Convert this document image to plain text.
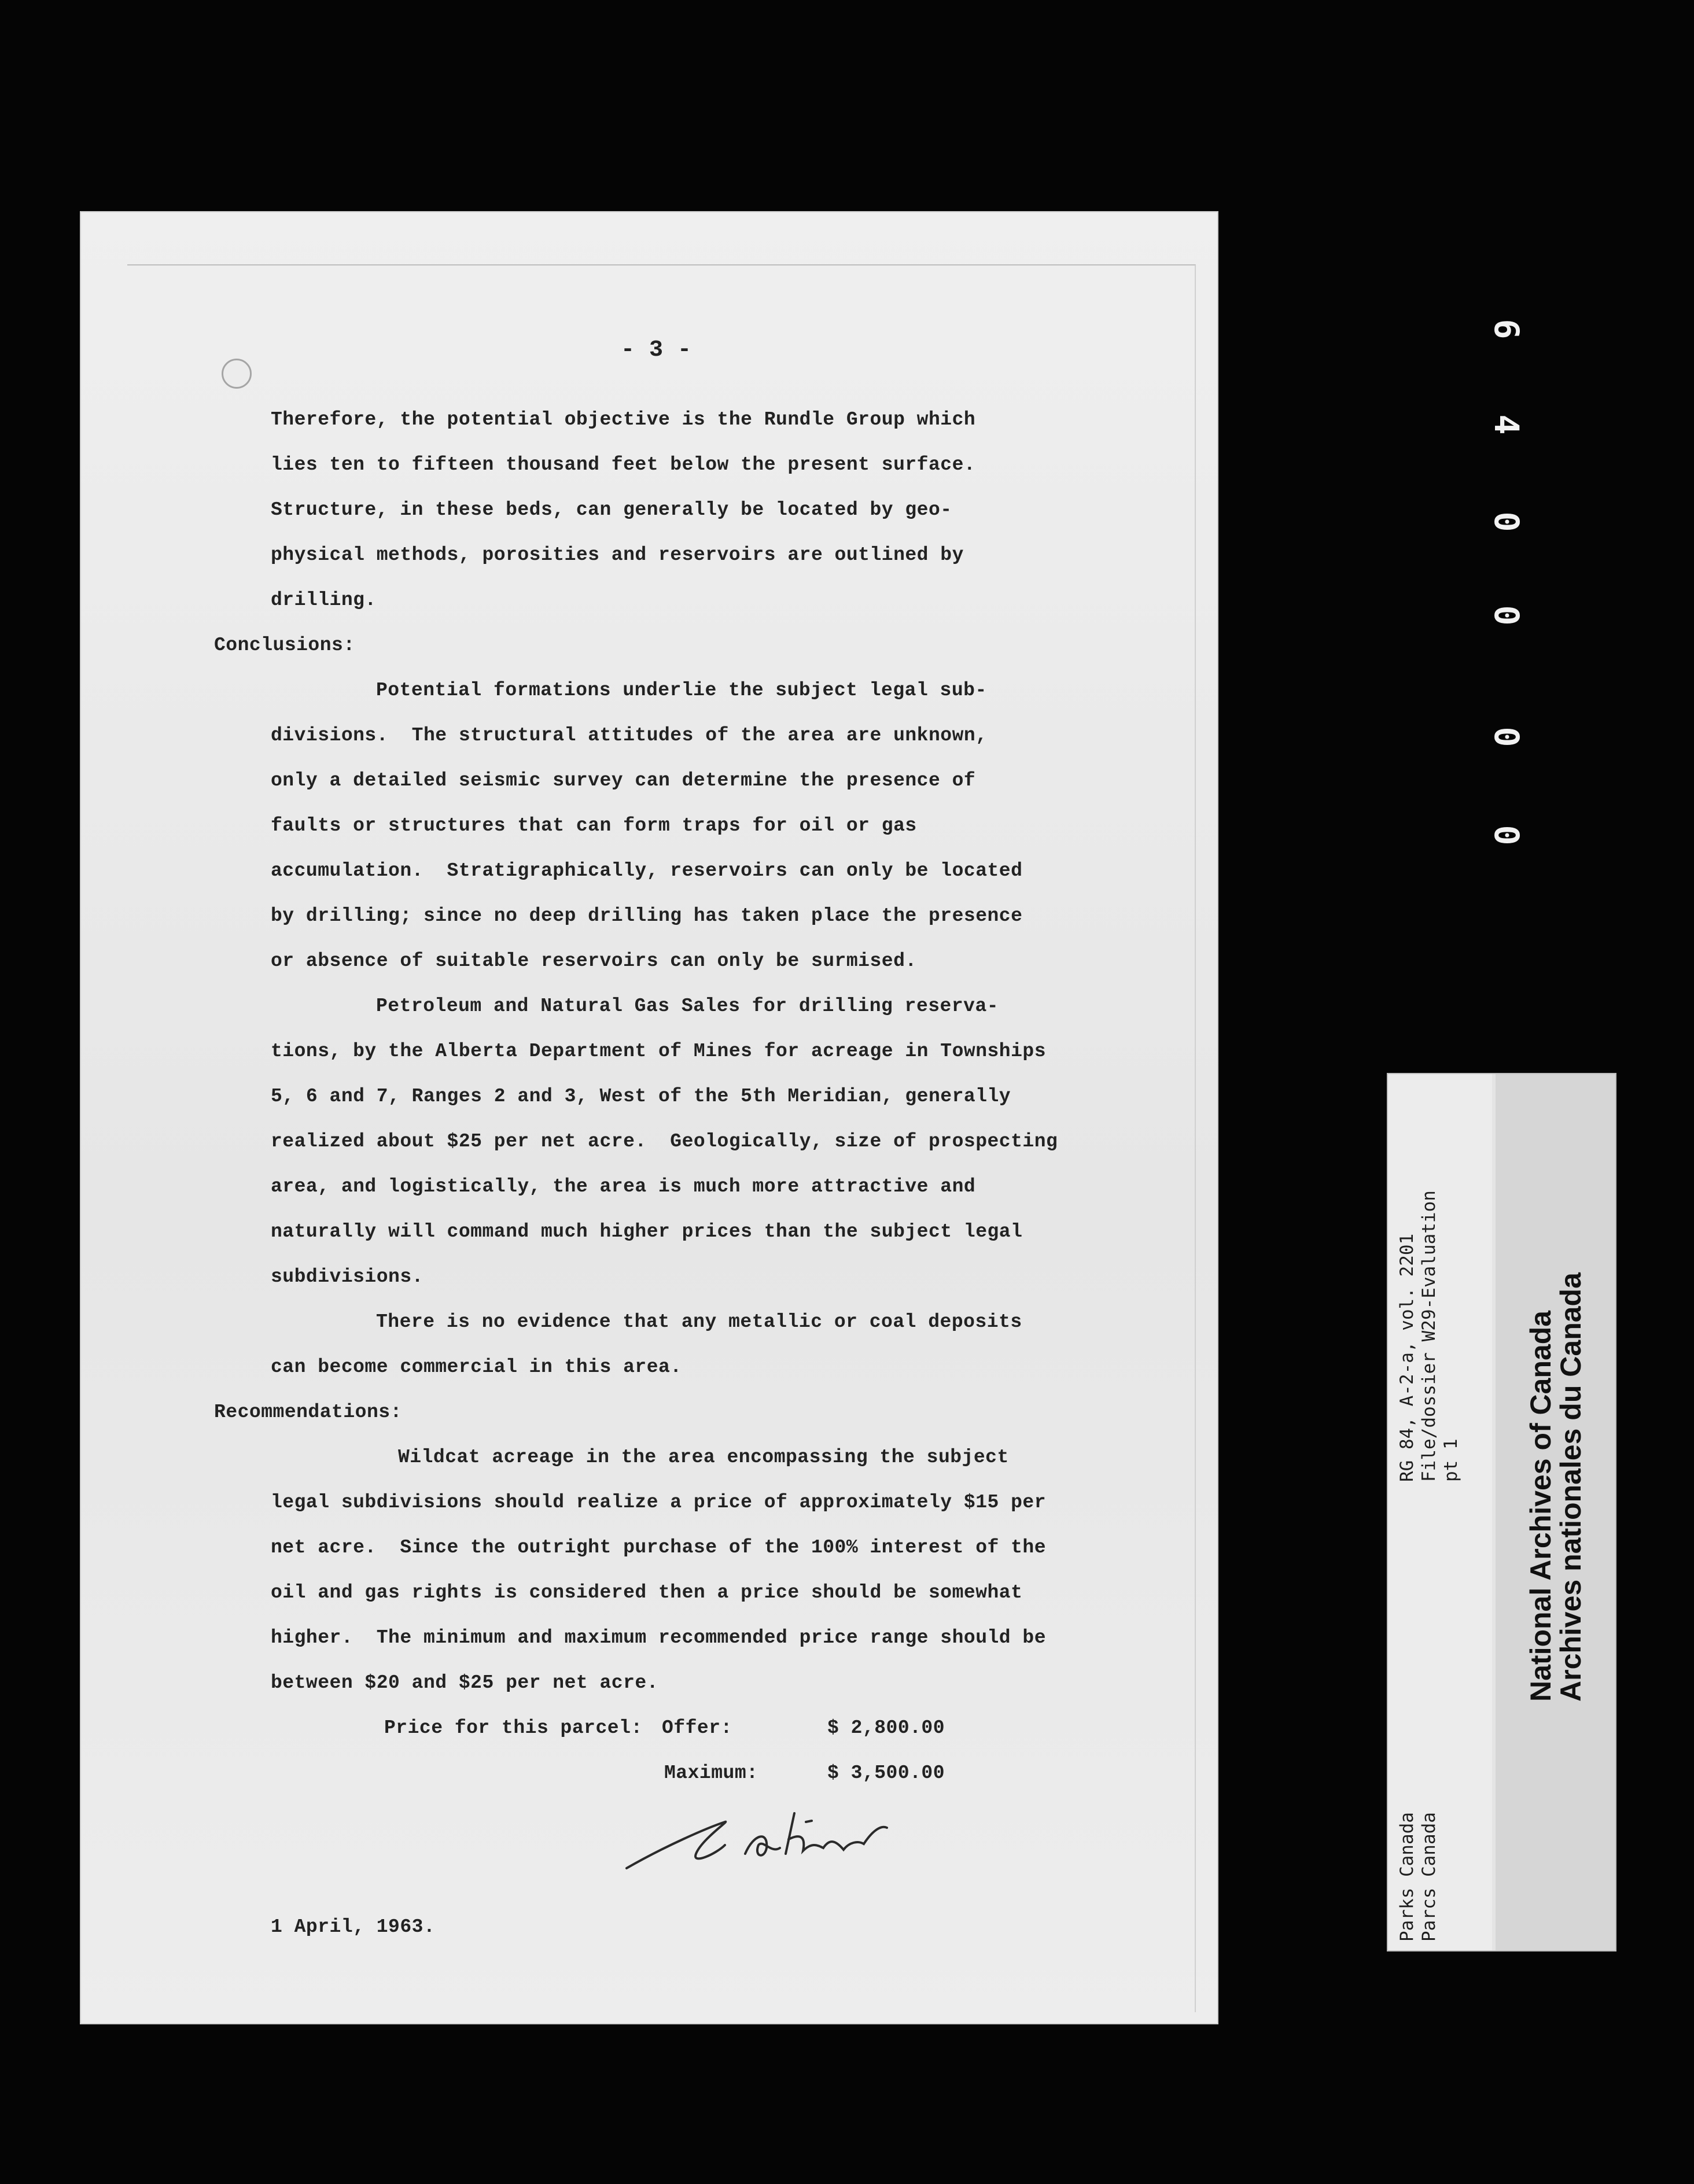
- 3 -
Therefore, the potential objective is the Rundle Group which
lies ten to fifteen thousand feet below the present surface.
Structure, in these beds, can generally be located by geo-
physical methods, porosities and reservoirs are outlined by
drilling.
Conclusions:
Potential formations underlie the subject legal sub-
divisions.  The structural attitudes of the area are unknown,
only a detailed seismic survey can determine the presence of
faults or structures that can form traps for oil or gas
accumulation.  Stratigraphically, reservoirs can only be located
by drilling; since no deep drilling has taken place the presence
or absence of suitable reservoirs can only be surmised.
Petroleum and Natural Gas Sales for drilling reserva-
tions, by the Alberta Department of Mines for acreage in Townships
5, 6 and 7, Ranges 2 and 3, West of the 5th Meridian, generally
realized about $25 per net acre.  Geologically, size of prospecting
area, and logistically, the area is much more attractive and
naturally will command much higher prices than the subject legal
subdivisions.
There is no evidence that any metallic or coal deposits
can become commercial in this area.
Recommendations:
Wildcat acreage in the area encompassing the subject
legal subdivisions should realize a price of approximately $15 per
net acre.  Since the outright purchase of the 100% interest of the
oil and gas rights is considered then a price should be somewhat
higher.  The minimum and maximum recommended price range should be
between $20 and $25 per net acre.
Price for this parcel: Offer:	$ 2,800.00
Maximum:	$ 3,500.00
1 April, 1963.
6
4
0
0
0
0
RG 84, A-2-a, vol. 2201 File/dossier W29-Evaluation pt 1
Parks Canada Parcs Canada
National Archives of Canada
Archives nationales du Canada
